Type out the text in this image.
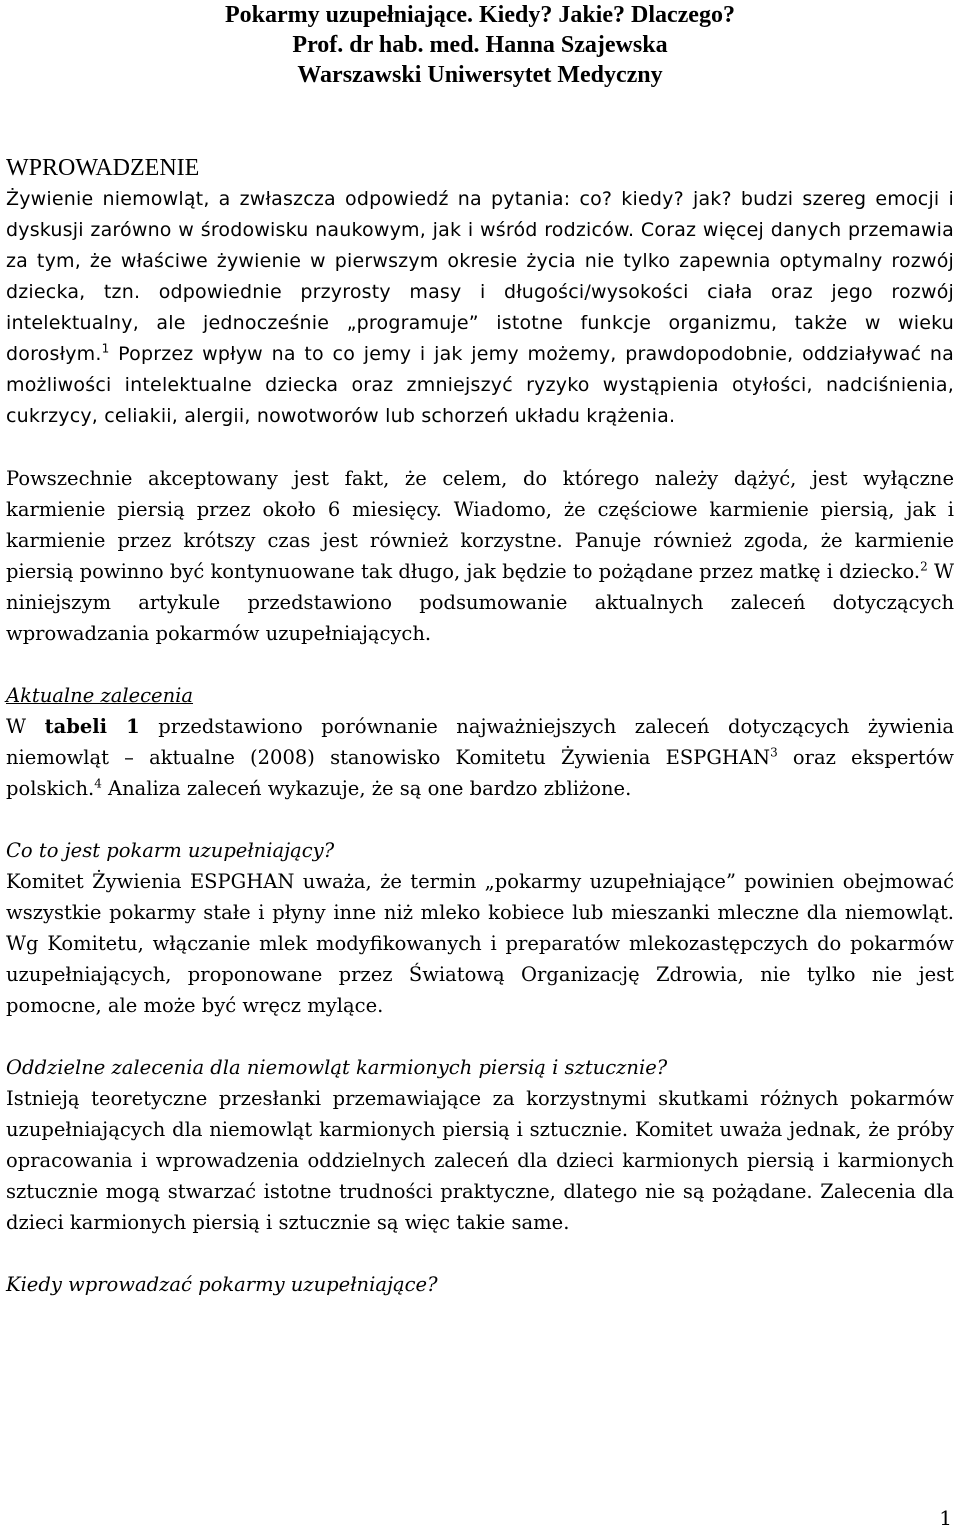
Pokarmy uzupełniające. Kiedy? Jakie? Dlaczego?
Prof. dr hab. med. Hanna Szajewska
Warszawski Uniwersytet Medyczny
WPROWADZENIE
Żywienie niemowląt, a zwłaszcza odpowiedź na pytania: co? kiedy? jak? budzi szereg emocji i dyskusji zarówno w środowisku naukowym, jak i wśród rodziców. Coraz więcej danych przemawia za tym, że właściwe żywienie w pierwszym okresie życia nie tylko zapewnia optymalny rozwój dziecka, tzn. odpowiednie przyrosty masy i długości/wysokości ciała oraz jego rozwój intelektualny, ale jednocześnie „programuje” istotne funkcje organizmu, także w wieku dorosłym.$^1$ Poprzez wpływ na to co jemy i jak jemy możemy, prawdopodobnie, oddziaływać na możliwości intelektualne dziecka oraz zmniejszyć ryzyko wystąpienia otyłości, nadciśnienia, cukrzycy, celiakii, alergii, nowotworów lub schorzeń układu krążenia.
Powszechnie akceptowany jest fakt, że celem, do którego należy dążyć, jest wyłączne karmienie piersią przez około 6 miesięcy. Wiadomo, że częściowe karmienie piersią, jak i karmienie przez krótszy czas jest również korzystne. Panuje również zgoda, że karmienie piersią powinno być kontynuowane tak długo, jak będzie to pożądane przez matkę i dziecko.$^2$ W niniejszym artykule przedstawiono podsumowanie aktualnych zaleceń dotyczących wprowadzania pokarmów uzupełniających.
Aktualne zalecenia
W tabeli 1 przedstawiono porównanie najważniejszych zaleceń dotyczących żywienia niemowląt – aktualne (2008) stanowisko Komitetu Żywienia ESPGHAN$^3$ oraz ekspertów polskich.$^4$ Analiza zaleceń wykazuje, że są one bardzo zbliżone.
Co to jest pokarm uzupełniający?
Komitet Żywienia ESPGHAN uważa, że termin „pokarmy uzupełniające” powinien obejmować wszystkie pokarmy stałe i płyny inne niż mleko kobiece lub mieszanki mleczne dla niemowląt. Wg Komitetu, włączanie mlek modyfikowanych i preparatów mlekozastępczych do pokarmów uzupełniających, proponowane przez Światową Organizację Zdrowia, nie tylko nie jest pomocne, ale może być wręcz mylące.
Oddzielne zalecenia dla niemowląt karmionych piersią i sztucznie?
Istnieją teoretyczne przesłanki przemawiające za korzystnymi skutkami różnych pokarmów uzupełniających dla niemowląt karmionych piersią i sztucznie. Komitet uważa jednak, że próby opracowania i wprowadzenia oddzielnych zaleceń dla dzieci karmionych piersią i karmionych sztucznie mogą stwarzać istotne trudności praktyczne, dlatego nie są pożądane. Zalecenia dla dzieci karmionych piersią i sztucznie są więc takie same.
Kiedy wprowadzać pokarmy uzupełniające?
1
